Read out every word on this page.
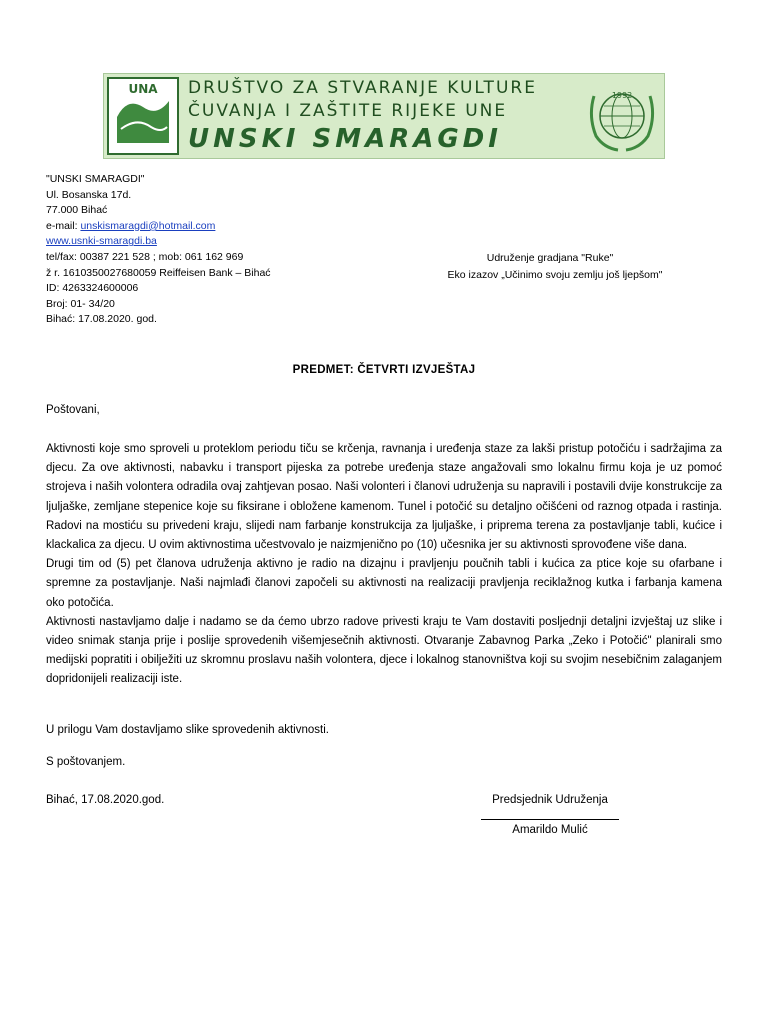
UNA DRUŠTVO ZA STVARANJE KULTURE
ČUVANJA I ZAŠTITE RIJEKE UNE
UNSKI SMARAGDI
1992
"UNSKI SMARAGDI"
Ul. Bosanska 17d.
77.000 Bihać
e-mail: unskismaragdi@hotmail.com
www.usnki-smaragdi.ba
tel/fax: 00387 221 528 ; mob: 061 162 969
ž r. 1610350027680059 Reiffeisen Bank – Bihać
ID: 4263324600006
Broj: 01- 34/20
Bihać: 17.08.2020. god.
Udruženje gradjana "Ruke"
Eko izazov „Učinimo svoju zemlju još ljepšom"
PREDMET: ČETVRTI IZVJEŠTAJ
Poštovani,

Aktivnosti koje smo sproveli u proteklom periodu tiču se krčenja, ravnanja i uređenja staze za lakši pristup potočiću i sadržajima za djecu. Za ove aktivnosti, nabavku i transport pijeska za potrebe uređenja staze angažovali smo lokalnu firmu koja je uz pomoć strojeva i naših volontera odradila ovaj zahtjevan posao. Naši volonteri i članovi udruženja su napravili i postavili dvije konstrukcije za ljuljaške, zemljane stepenice koje su fiksirane i obložene kamenom. Tunel i potočić su detaljno očišćeni od raznog otpada i rastinja. Radovi na mostiću su privedeni kraju, slijedi nam farbanje konstrukcija za ljuljaške, i priprema terena za postavljanje tabli, kućice i klackalica za djecu. U ovim aktivnostima učestvovalo je naizmjenično po (10) učesnika jer su aktivnosti sprovođene više dana.

Drugi tim od (5) pet članova udruženja aktivno je radio na dizajnu i pravljenju poučnih tabli i kućica za ptice koje su ofarbane i spremne za postavljanje. Naši najmlađi članovi započeli su aktivnosti na realizaciji pravljenja reciklažnog kutka i farbanja kamena oko potočića.

Aktivnosti nastavljamo dalje i nadamo se da ćemo ubrzo radove privesti kraju te Vam dostaviti posljednji detaljni izvještaj uz slike i video snimak stanja prije i poslije sprovedenih višemjesečnih aktivnosti. Otvaranje Zabavnog Parka „Zeko i Potočić" planirali smo medijski popratiti i obilježiti uz skromnu proslavu naših volontera, djece i lokalnog stanovništva koji su svojim nesebičnim zalaganjem dopridonijeli realizaciji iste.

U prilogu Vam dostavljamo slike sprovedenih aktivnosti.
S poštovanjem.
Bihać, 17.08.2020.god.	Predsjednik Udruženja
Amarildo Mulić
